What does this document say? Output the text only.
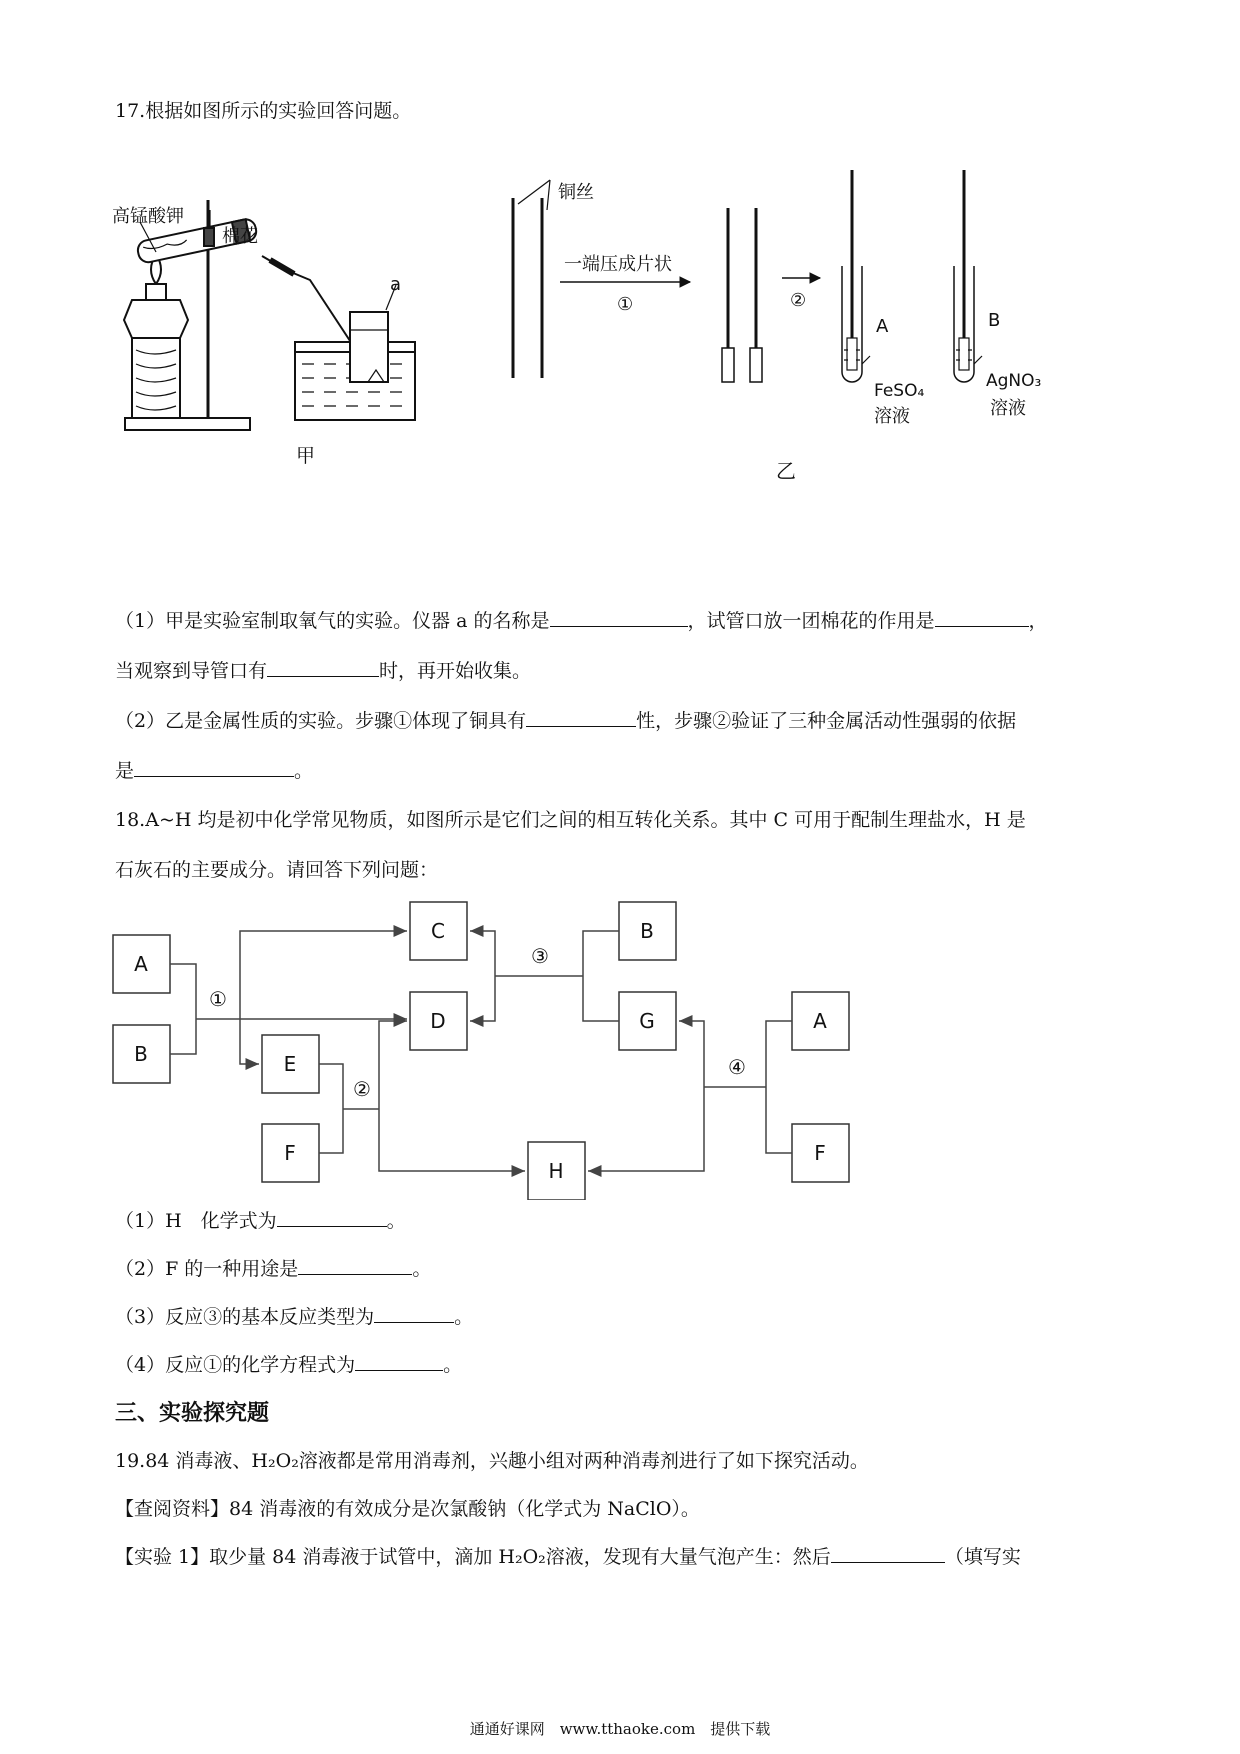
17.根据如图所示的实验回答问题。
高锰酸钾
棉花
a
甲
铜丝
一端压成片状
①	②
A	B
FeSO₄
溶液
AgNO₃
溶液
乙
（1）甲是实验室制取氧气的实验。仪器 a 的名称是	，试管口放一团棉花的作用是	，
当观察到导管口有	时，再开始收集。
（2）乙是金属性质的实验。步骤①体现了铜具有	性，步骤②验证了三种金属活动性强弱的依据
是	。
18.A~H 均是初中化学常见物质，如图所示是它们之间的相互转化关系。其中 C 可用于配制生理盐水，H 是
石灰石的主要成分。请回答下列问题：
A
B
C
D
E
F
H
B
G	A
F
①
②
③
④
（1）H　化学式为	。
（2）F 的一种用途是	。
（3）反应③的基本反应类型为	。
（4）反应①的化学方程式为	。
三、实验探究题
19.84 消毒液、H₂O₂溶液都是常用消毒剂，兴趣小组对两种消毒剂进行了如下探究活动。
【查阅资料】84 消毒液的有效成分是次氯酸钠（化学式为 NaClO）。
【实验 1】取少量 84 消毒液于试管中，滴加 H₂O₂溶液，发现有大量气泡产生：然后	（填写实
通通好课网　www.tthaoke.com　提供下载
